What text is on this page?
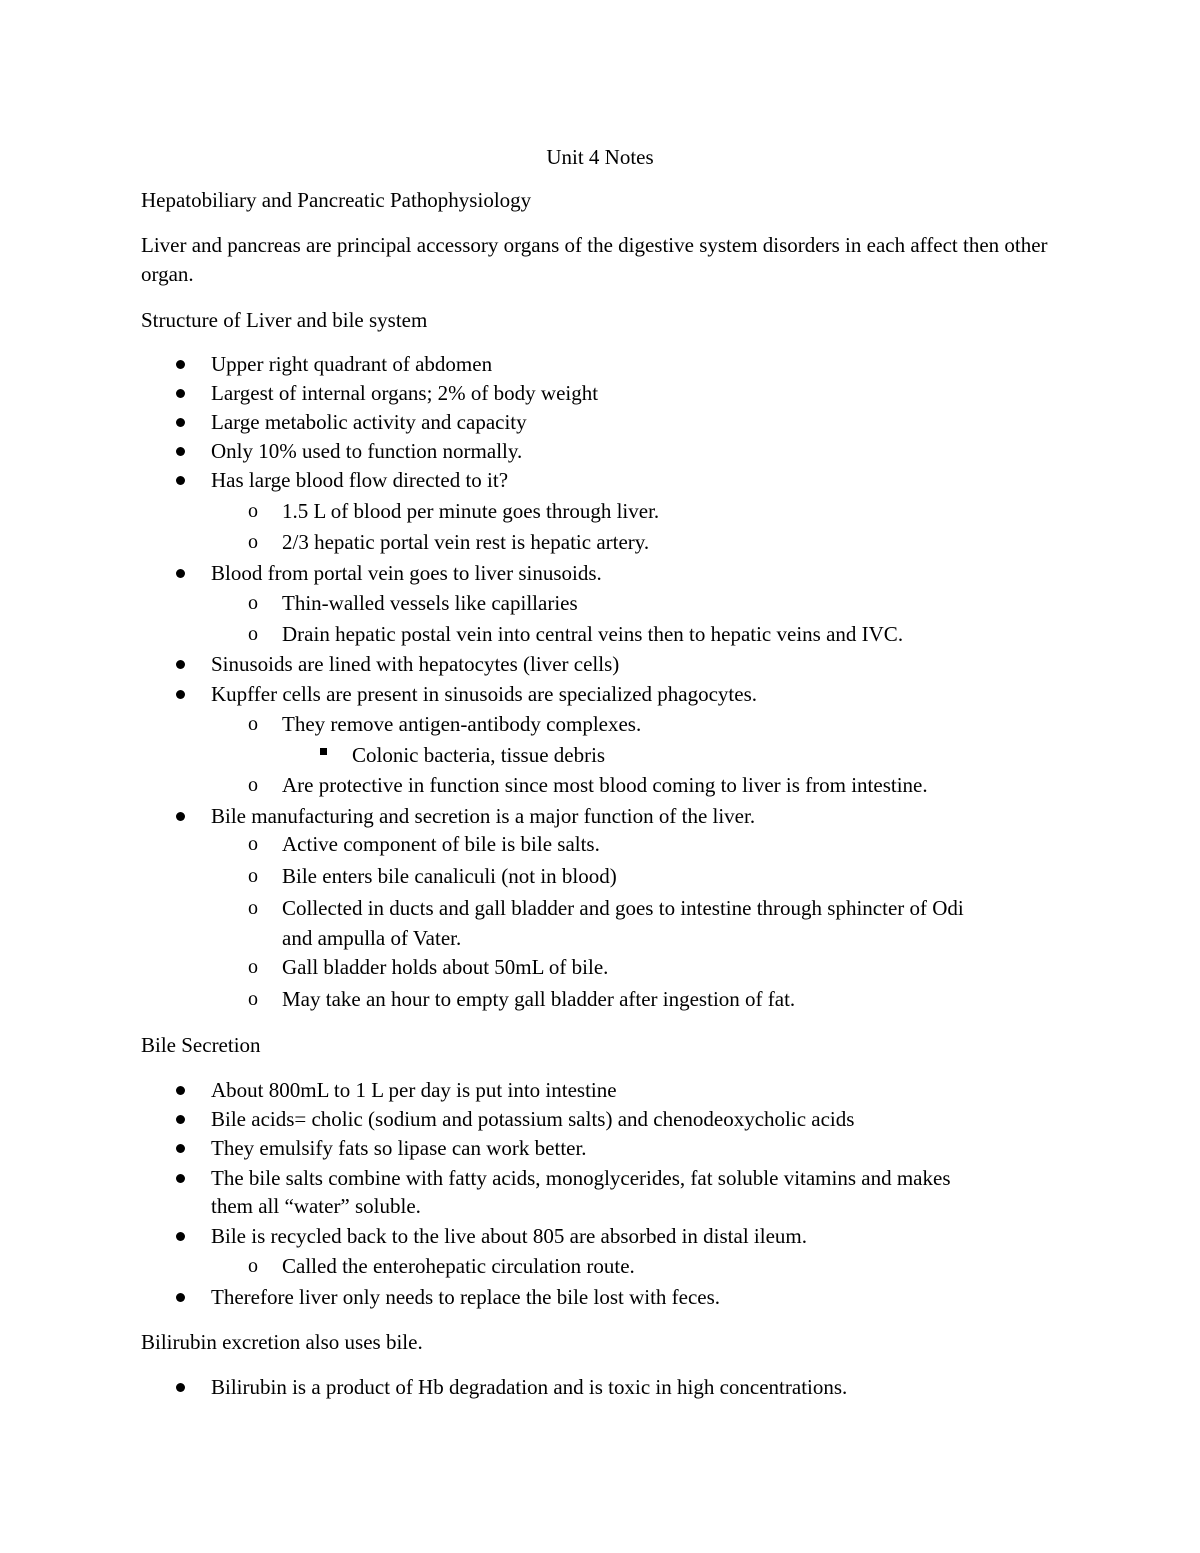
Unit 4 Notes
Hepatobiliary and Pancreatic Pathophysiology
Liver and pancreas are principal accessory organs of the digestive system disorders in each affect then other organ.
Structure of Liver and bile system
Upper right quadrant of abdomen
Largest of internal organs; 2% of body weight
Large metabolic activity and capacity
Only 10% used to function normally.
Has large blood flow directed to it?
o 1.5 L of blood per minute goes through liver.
o 2/3 hepatic portal vein rest is hepatic artery.
Blood from portal vein goes to liver sinusoids.
o Thin-walled vessels like capillaries
o Drain hepatic postal vein into central veins then to hepatic veins and IVC.
Sinusoids are lined with hepatocytes (liver cells)
Kupffer cells are present in sinusoids are specialized phagocytes.
o They remove antigen-antibody complexes.
Colonic bacteria, tissue debris
o Are protective in function since most blood coming to liver is from intestine.
Bile manufacturing and secretion is a major function of the liver.
o Active component of bile is bile salts.
o Bile enters bile canaliculi (not in blood)
o Collected in ducts and gall bladder and goes to intestine through sphincter of Odi
and ampulla of Vater.
o Gall bladder holds about 50mL of bile.
o May take an hour to empty gall bladder after ingestion of fat.
Bile Secretion
About 800mL to 1 L per day is put into intestine
Bile acids= cholic (sodium and potassium salts) and chenodeoxycholic acids
They emulsify fats so lipase can work better.
The bile salts combine with fatty acids, monoglycerides, fat soluble vitamins and makes
them all “water” soluble.
Bile is recycled back to the live about 805 are absorbed in distal ileum.
o Called the enterohepatic circulation route.
Therefore liver only needs to replace the bile lost with feces.
Bilirubin excretion also uses bile.
Bilirubin is a product of Hb degradation and is toxic in high concentrations.
